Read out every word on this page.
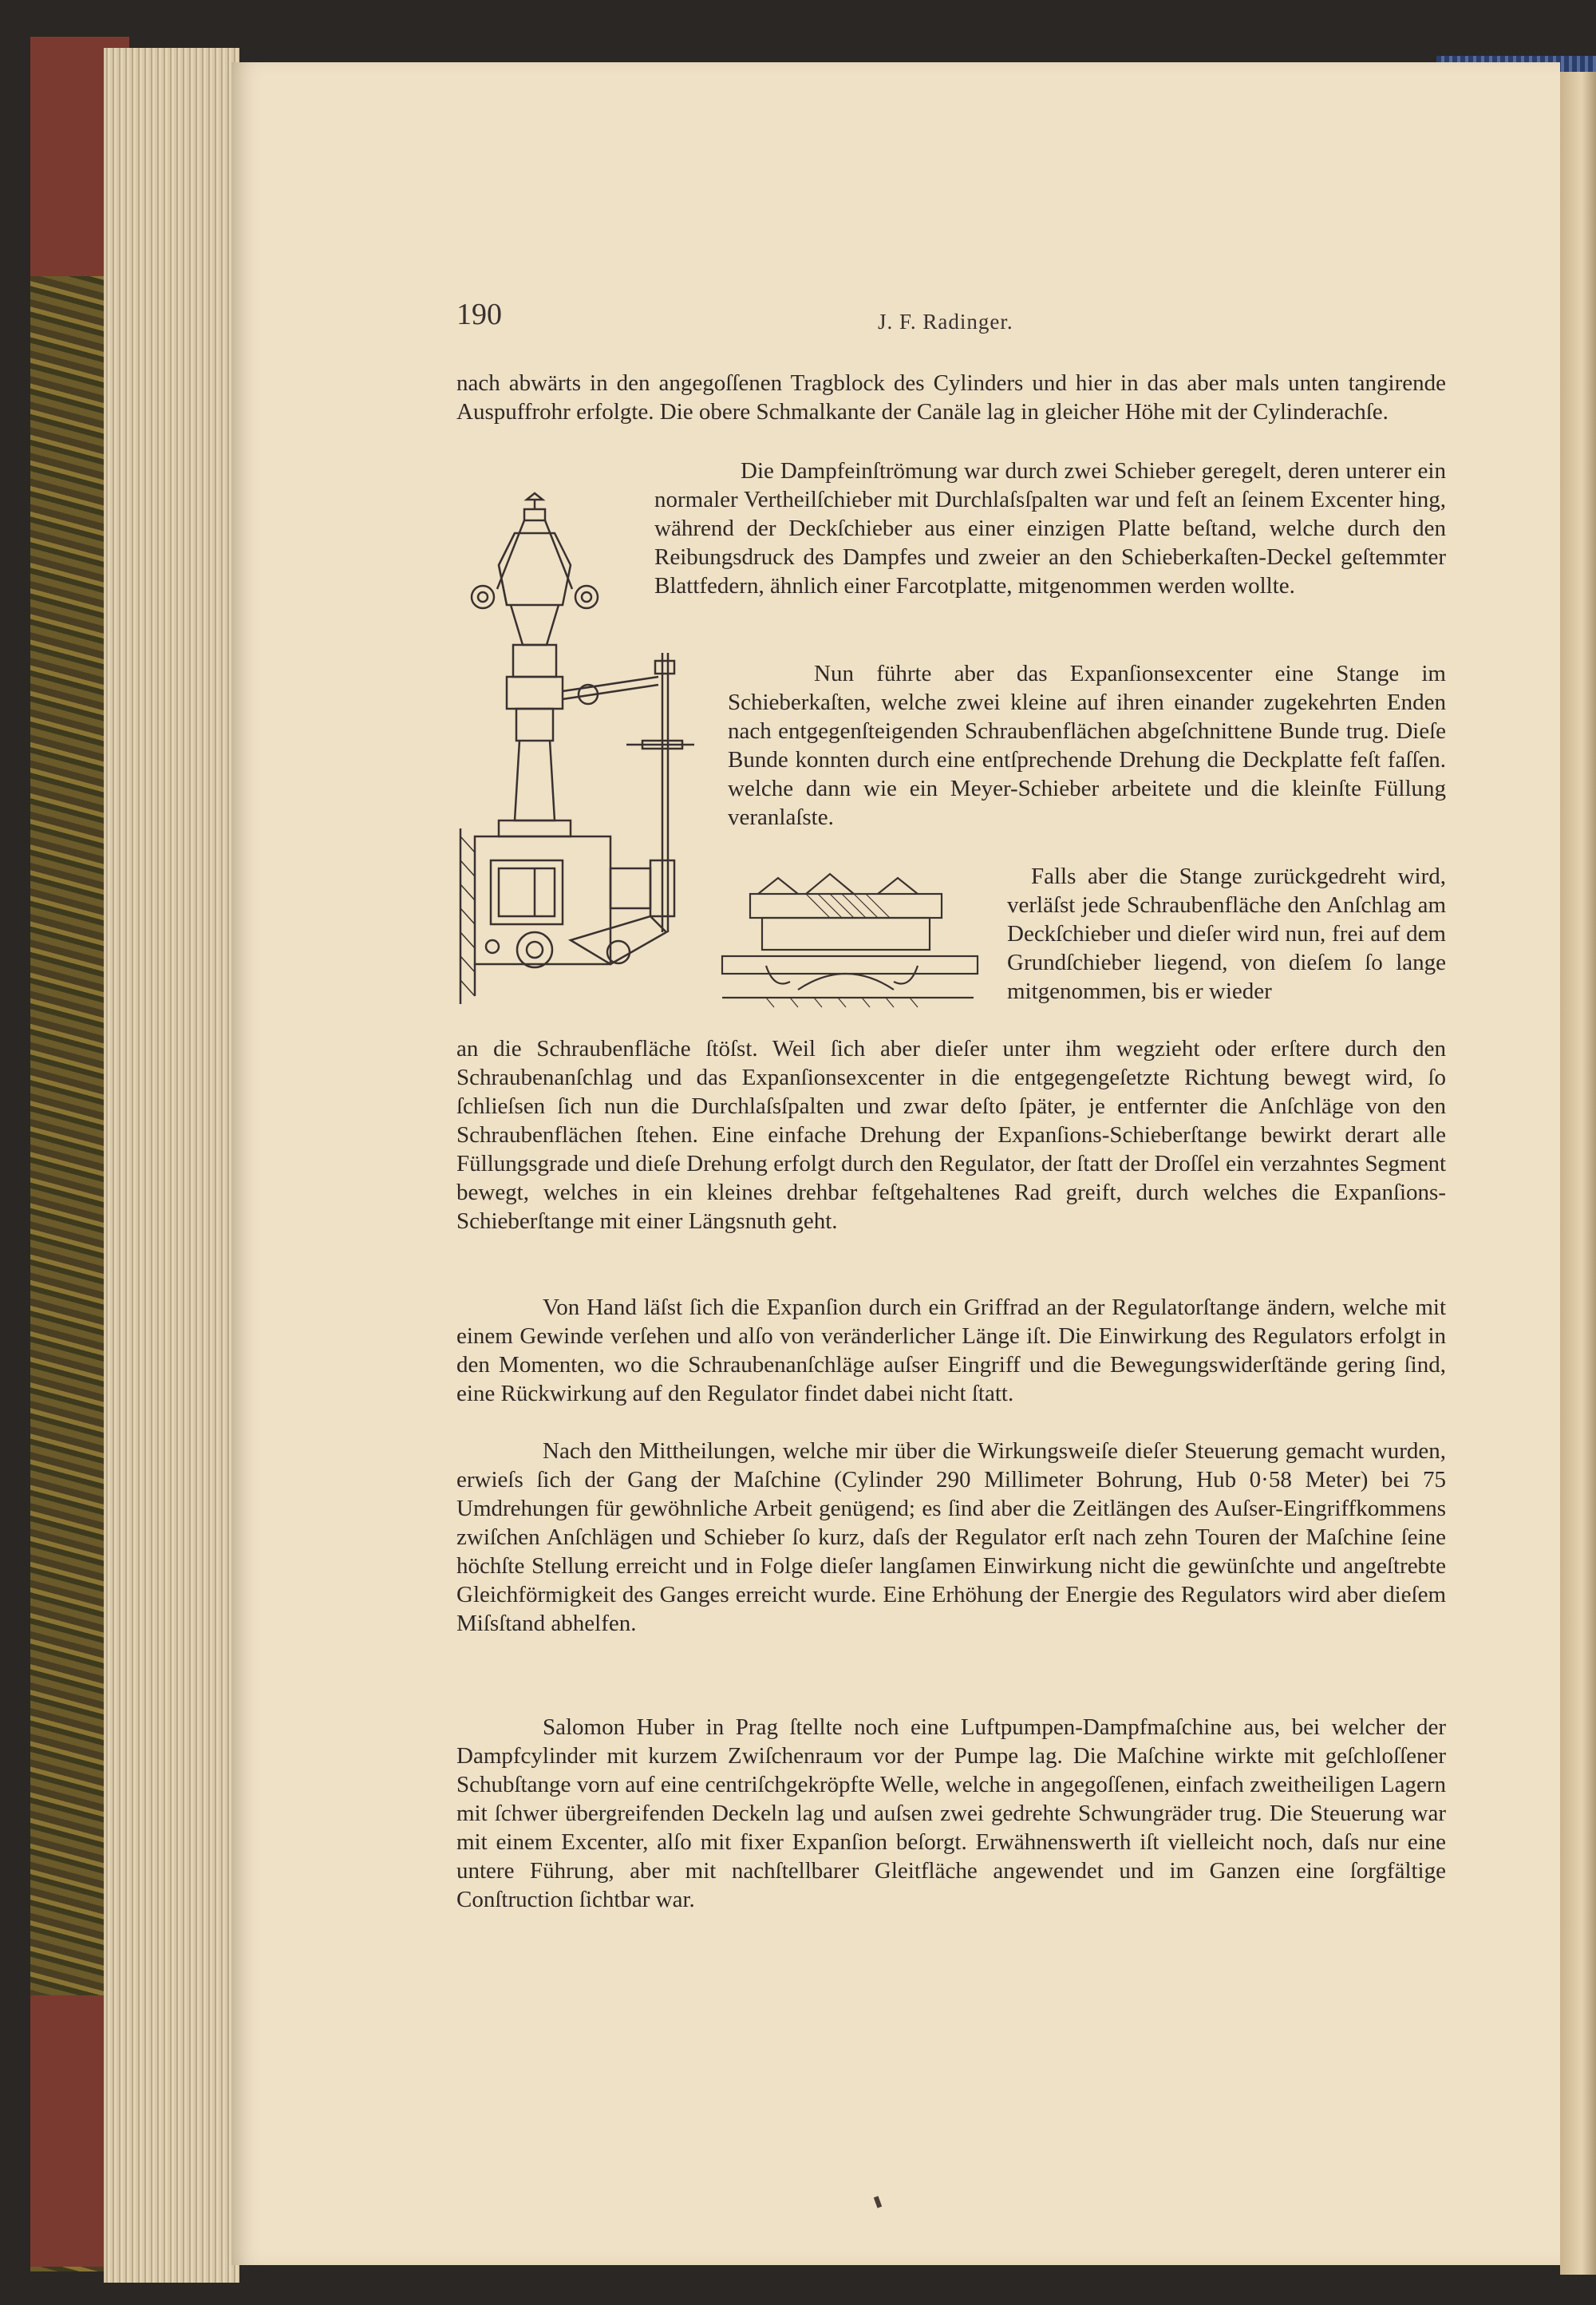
190	J. F. Radinger.

nach abwärts in den angegoſſenen Tragblock des Cylinders und hier in das aber mals unten tangirende Auspuffrohr erfolgte. Die obere Schmalkante der Canäle lag in gleicher Höhe mit der Cylinderachſe.

Die Dampfeinſtrömung war durch zwei Schieber geregelt, deren unterer ein normaler Vertheilſchieber mit Durchlaſsſpalten war und feſt an ſeinem Excenter hing, während der Deckſchieber aus einer einzigen Platte beſtand, welche durch den Reibungsdruck des Dampfes und zweier an den Schieberkaſten-Deckel geſtemmter Blattfedern, ähnlich einer Farcotplatte, mitgenommen werden wollte.

Nun führte aber das Expanſionsexcenter eine Stange im Schieberkaſten, welche zwei kleine auf ihren einander zugekehrten Enden nach entgegenſteigenden Schraubenflächen abgeſchnittene Bunde trug. Dieſe Bunde konnten durch eine entſprechende Drehung die Deckplatte feſt faſſen. welche dann wie ein Meyer-Schieber arbeitete und die kleinſte Füllung veranlaſste.

Falls aber die Stange zurückgedreht wird, verläſst jede Schraubenfläche den Anſchlag am Deckſchieber und dieſer wird nun, frei auf dem Grundſchieber liegend, von dieſem ſo lange mitgenommen, bis er wieder

an die Schraubenfläche ſtöſst. Weil ſich aber dieſer unter ihm wegzieht oder erſtere durch den Schraubenanſchlag und das Expanſionsexcenter in die entgegengeſetzte Richtung bewegt wird, ſo ſchlieſsen ſich nun die Durchlaſsſpalten und zwar deſto ſpäter, je entfernter die Anſchläge von den Schraubenflächen ſtehen. Eine einfache Drehung der Expanſions-Schieberſtange bewirkt derart alle Füllungsgrade und dieſe Drehung erfolgt durch den Regulator, der ſtatt der Droſſel ein verzahntes Segment bewegt, welches in ein kleines drehbar feſtgehaltenes Rad greift, durch welches die Expanſions-Schieberſtange mit einer Längsnuth geht.

Von Hand läſst ſich die Expanſion durch ein Griffrad an der Regulatorſtange ändern, welche mit einem Gewinde verſehen und alſo von veränderlicher Länge iſt. Die Einwirkung des Regulators erfolgt in den Momenten, wo die Schraubenanſchläge auſser Eingriff und die Bewegungswiderſtände gering ſind, eine Rückwirkung auf den Regulator findet dabei nicht ſtatt.

Nach den Mittheilungen, welche mir über die Wirkungsweiſe dieſer Steuerung gemacht wurden, erwieſs ſich der Gang der Maſchine (Cylinder 290 Millimeter Bohrung, Hub 0·58 Meter) bei 75 Umdrehungen für gewöhnliche Arbeit genügend; es ſind aber die Zeitlängen des Auſser-Eingriffkommens zwiſchen Anſchlägen und Schieber ſo kurz, daſs der Regulator erſt nach zehn Touren der Maſchine ſeine höchſte Stellung erreicht und in Folge dieſer langſamen Einwirkung nicht die gewünſchte und angeſtrebte Gleichförmigkeit des Ganges erreicht wurde. Eine Erhöhung der Energie des Regulators wird aber dieſem Miſsſtand abhelfen.

Salomon Huber in Prag ſtellte noch eine Luftpumpen-Dampfmaſchine aus, bei welcher der Dampfcylinder mit kurzem Zwiſchenraum vor der Pumpe lag. Die Maſchine wirkte mit geſchloſſener Schubſtange vorn auf eine centriſchgekröpfte Welle, welche in angegoſſenen, einfach zweitheiligen Lagern mit ſchwer übergreifenden Deckeln lag und auſsen zwei gedrehte Schwungräder trug. Die Steuerung war mit einem Excenter, alſo mit fixer Expanſion beſorgt. Erwähnenswerth iſt vielleicht noch, daſs nur eine untere Führung, aber mit nachſtellbarer Gleitfläche angewendet und im Ganzen eine ſorgfältige Conſtruction ſichtbar war.
